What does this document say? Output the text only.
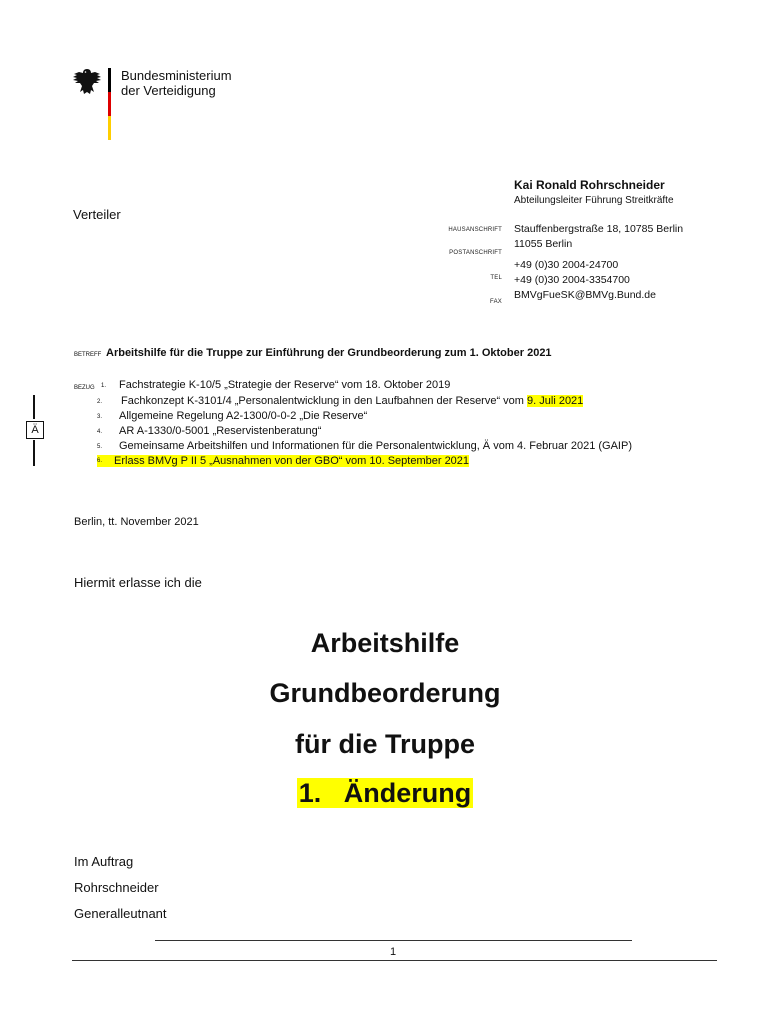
Bundesministerium
der Verteidigung
Kai Ronald Rohrschneider
Abteilungsleiter Führung Streitkräfte
Verteiler
HAUSANSCHRIFT
POSTANSCHRIFT
TEL
FAX
Stauffenbergstraße 18, 10785 Berlin
11055 Berlin
+49 (0)30 2004-24700
+49 (0)30 2004-3354700
BMVgFueSK@BMVg.Bund.de
BETREFF Arbeitshilfe für die Truppe zur Einführung der Grundbeorderung zum 1. Oktober 2021
BEZUG 1. Fachstrategie K-10/5 „Strategie der Reserve“ vom 18. Oktober 2019
2. Fachkonzept K-3101/4 „Personalentwicklung in den Laufbahnen der Reserve“ vom 9. Juli 2021
3. Allgemeine Regelung A2-1300/0-0-2 „Die Reserve“
4. AR A-1330/0-5001 „Reservistenberatung“
5. Gemeinsame Arbeitshilfen und Informationen für die Personalentwicklung, Ä vom 4. Februar 2021 (GAIP)
6. Erlass BMVg P II 5 „Ausnahmen von der GBO“ vom 10. September 2021
Ä
Berlin, tt. November 2021
Hiermit erlasse ich die
Arbeitshilfe
Grundbeorderung
für die Truppe
1.   Änderung
Im Auftrag
Rohrschneider
Generalleutnant
1
